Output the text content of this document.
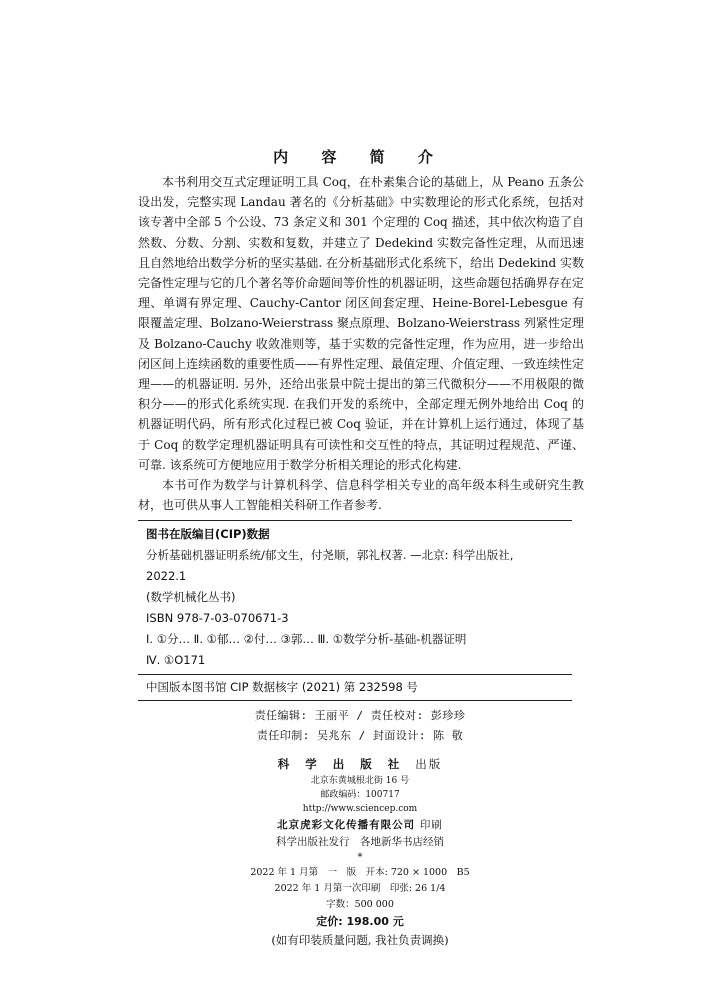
内 容 简 介

本书利用交互式定理证明工具 Coq，在朴素集合论的基础上，从 Peano 五条公设出发，完整实现 Landau 著名的《分析基础》中实数理论的形式化系统，包括对该专著中全部 5 个公设、73 条定义和 301 个定理的 Coq 描述，其中依次构造了自然数、分数、分割、实数和复数，并建立了 Dedekind 实数完备性定理，从而迅速且自然地给出数学分析的坚实基础. 在分析基础形式化系统下，给出 Dedekind 实数完备性定理与它的几个著名等价命题间等价性的机器证明，这些命题包括确界存在定理、单调有界定理、Cauchy-Cantor 闭区间套定理、Heine-Borel-Lebesgue 有限覆盖定理、Bolzano-Weierstrass 聚点原理、Bolzano-Weierstrass 列紧性定理及 Bolzano-Cauchy 收敛准则等，基于实数的完备性定理，作为应用，进一步给出闭区间上连续函数的重要性质——有界性定理、最值定理、介值定理、一致连续性定理——的机器证明. 另外，还给出张景中院士提出的第三代微积分——不用极限的微积分——的形式化系统实现. 在我们开发的系统中，全部定理无例外地给出 Coq 的机器证明代码，所有形式化过程已被 Coq 验证，并在计算机上运行通过，体现了基于 Coq 的数学定理机器证明具有可读性和交互性的特点，其证明过程规范、严谨、可靠. 该系统可方便地应用于数学分析相关理论的形式化构建.

本书可作为数学与计算机科学、信息科学相关专业的高年级本科生或研究生教材，也可供从事人工智能相关科研工作者参考.

图书在版编目(CIP)数据
分析基础机器证明系统/郁文生，付尧顺，郭礼权著. —北京: 科学出版社,
2022.1
(数学机械化丛书)
ISBN 978-7-03-070671-3
Ⅰ. ①分… Ⅱ. ①郁… ②付… ③郭… Ⅲ. ①数学分析-基础-机器证明
Ⅳ. ①O171
中国版本图书馆 CIP 数据核字 (2021) 第 232598 号
责任编辑: 王丽平 / 责任校对: 彭珍珍
责任印制: 吴兆东 / 封面设计: 陈 敬
科 学 出 版 社 出版
北京东黄城根北街 16 号
邮政编码：100717
http://www.sciencep.com
北京虎彩文化传播有限公司 印刷
科学出版社发行　各地新华书店经销
*
2022 年 1 月第　一　版　开本: 720 × 1000　B5
2022 年 1 月第一次印刷　印张: 26 1/4
字数：500 000
定价: 198.00 元
(如有印装质量问题, 我社负责调换)
